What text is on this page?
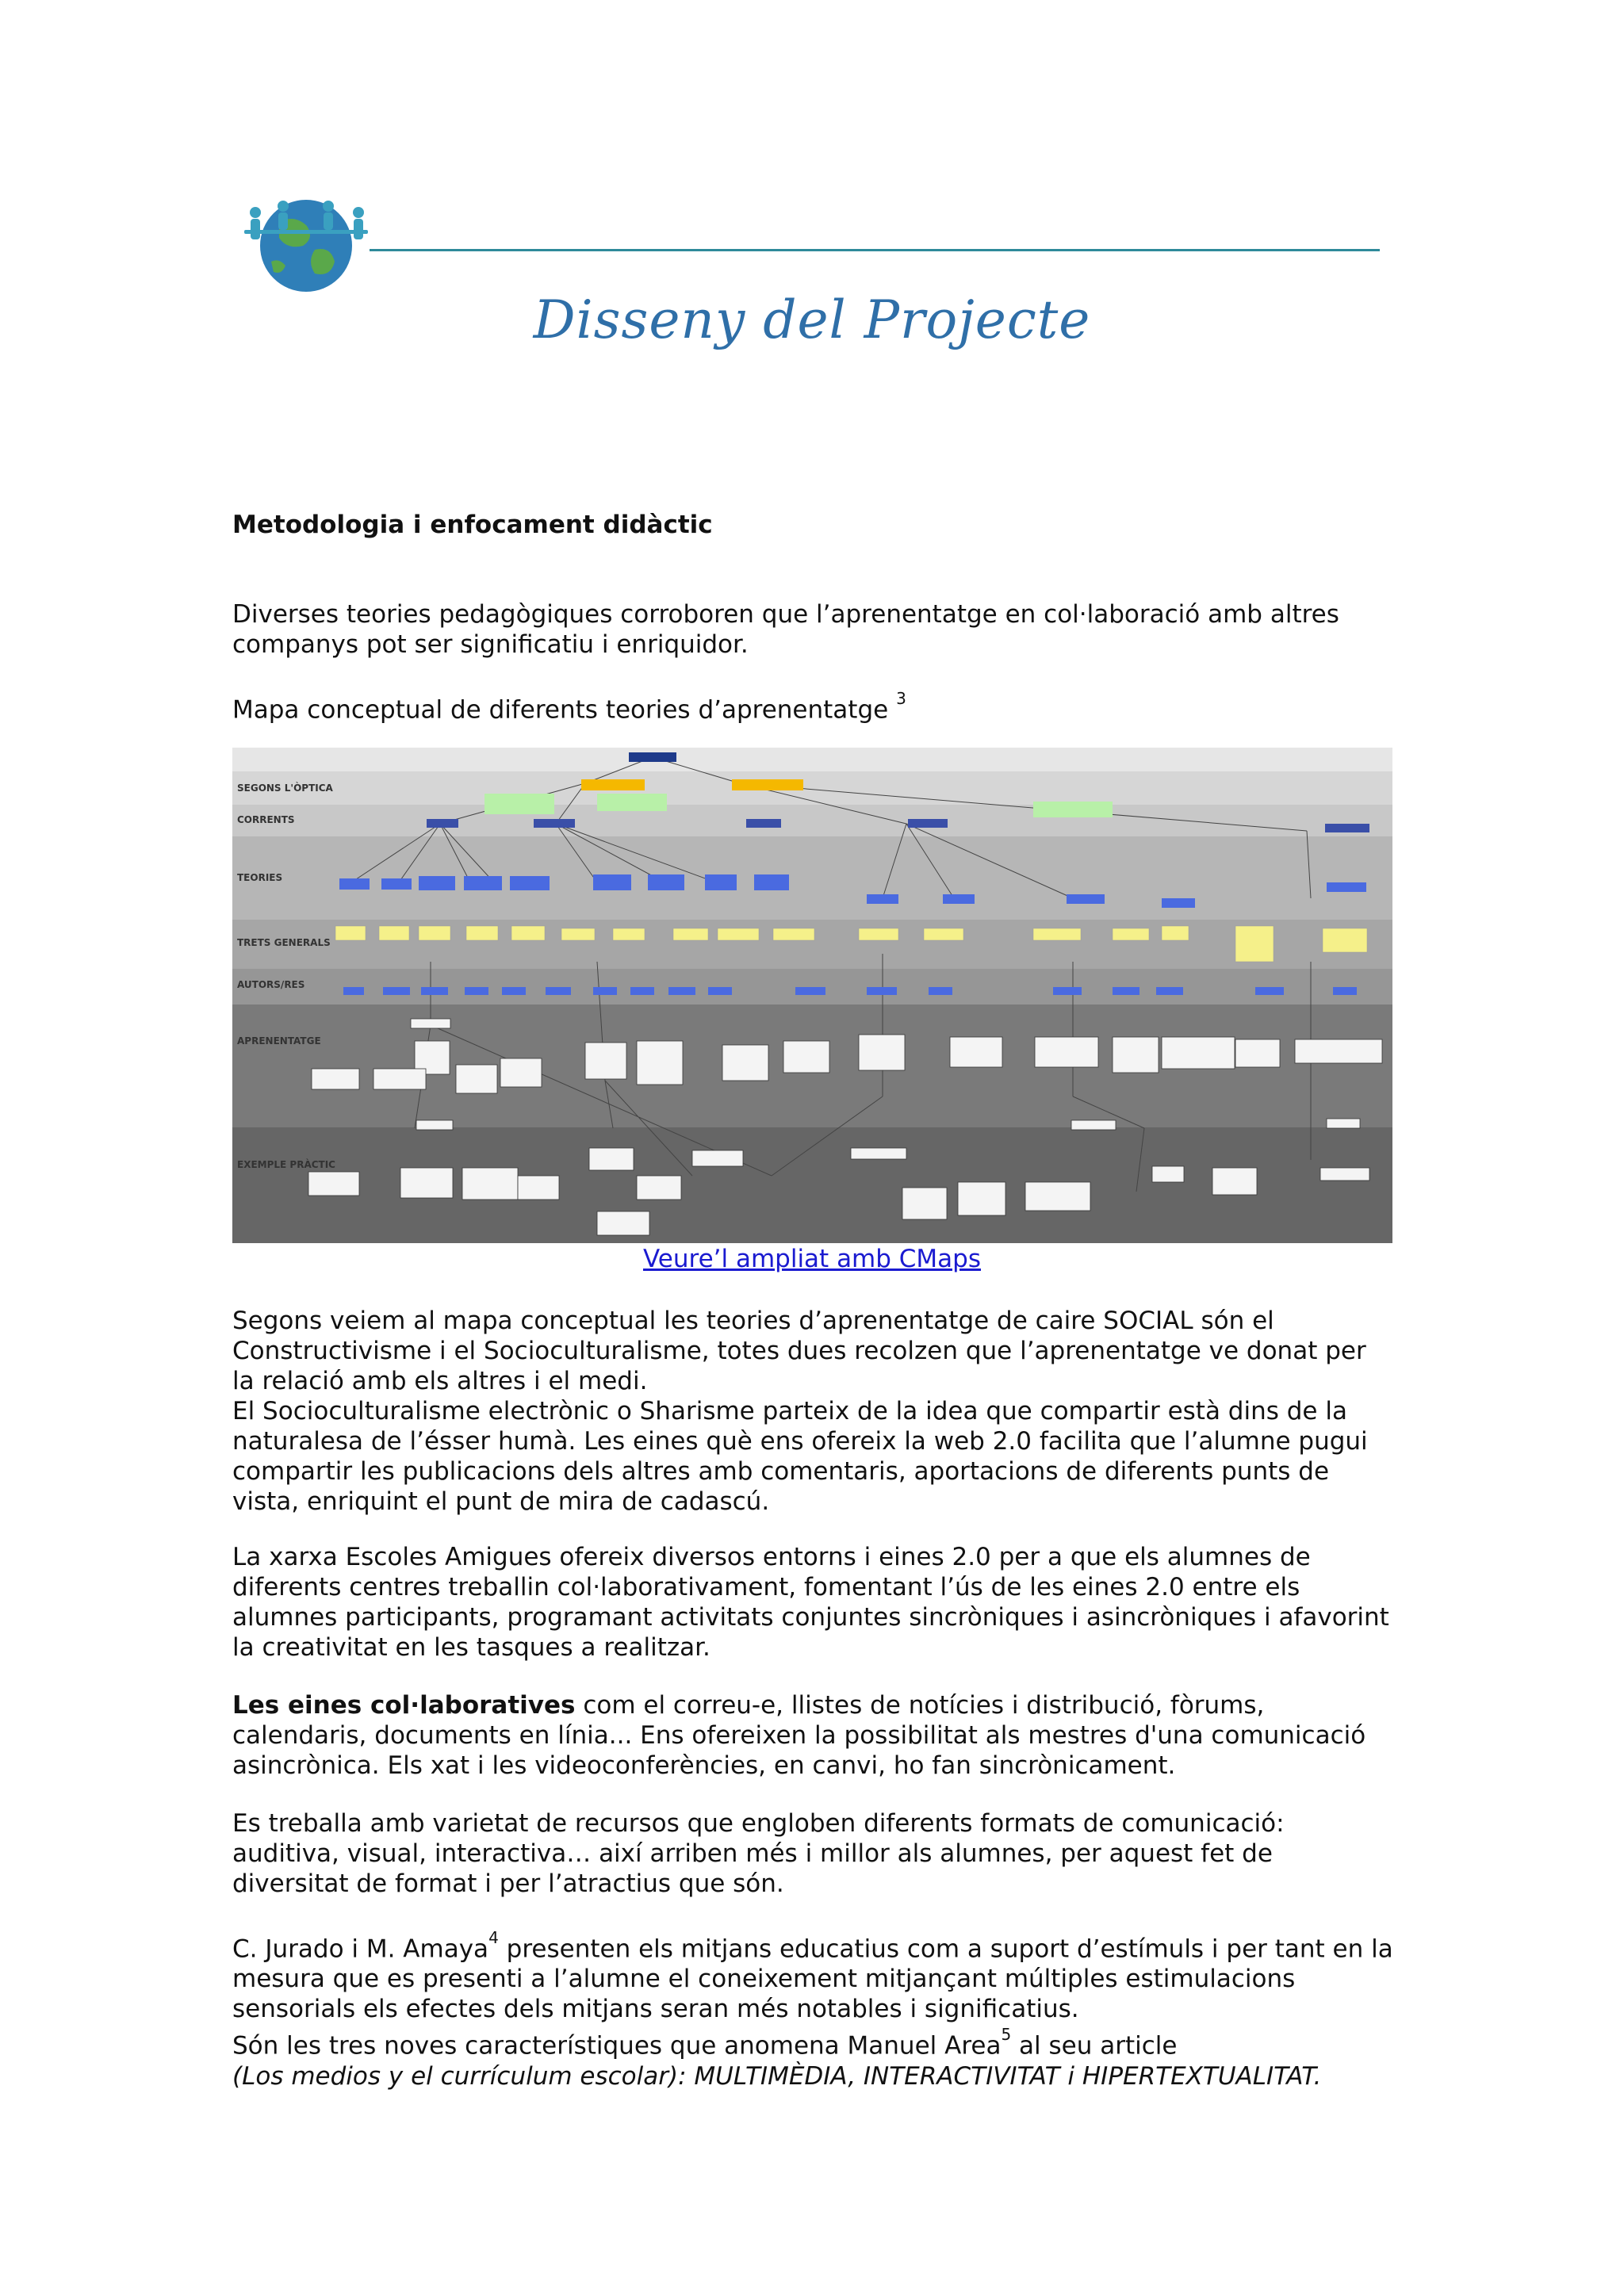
Disseny del Projecte
Metodologia i enfocament didàctic

Diverses teories pedagògiques corroboren que l’aprenentatge en col·laboració amb altres companys pot ser significatiu i enriquidor.

Mapa conceptual de diferents teories d’aprenentatge $^3$

SEGONS L'ÒPTICA
CORRENTS
TEORIES
TRETS GENERALS
AUTORS/RES
APRENENTATGE
EXEMPLE PRÀCTIC
Veure’l ampliat amb CMaps

Segons veiem al mapa conceptual les teories d’aprenentatge de caire SOCIAL són el Constructivisme i el Socioculturalisme, totes dues recolzen que l’aprenentatge ve donat per la relació amb els altres i el medi.
El Socioculturalisme electrònic o Sharisme parteix de la idea que compartir està dins de la naturalesa de l’ésser humà. Les eines què ens ofereix la web 2.0 facilita que l’alumne pugui compartir les publicacions dels altres amb comentaris, aportacions de diferents punts de vista, enriquint el punt de mira de cadascú.

La xarxa Escoles Amigues ofereix diversos entorns i eines 2.0 per a que els alumnes de diferents centres treballin col·laborativament, fomentant l’ús de les eines 2.0 entre els alumnes participants, programant activitats conjuntes sincròniques i asincròniques i afavorint la creativitat en les tasques a realitzar.

Les eines col·laboratives com el correu-e, llistes de notícies i distribució, fòrums, calendaris, documents en línia... Ens ofereixen la possibilitat als mestres d'una comunicació asincrònica. Els xat i les videoconferències, en canvi, ho fan sincrònicament.

Es treballa amb varietat de recursos que engloben diferents formats de comunicació: auditiva, visual, interactiva… així arriben més i millor als alumnes, per aquest fet de diversitat de format i per l’atractius que són.

C. Jurado i M. Amaya$^4$ presenten els mitjans educatius com a suport d’estímuls i per tant en la mesura que es presenti a l’alumne el coneixement mitjançant múltiples estimulacions sensorials els efectes dels mitjans seran més notables i significatius.
Són les tres noves característiques que anomena Manuel Area$^5$ al seu article
(Los medios y el currículum escolar): MULTIMÈDIA, INTERACTIVITAT i HIPERTEXTUALITAT.
